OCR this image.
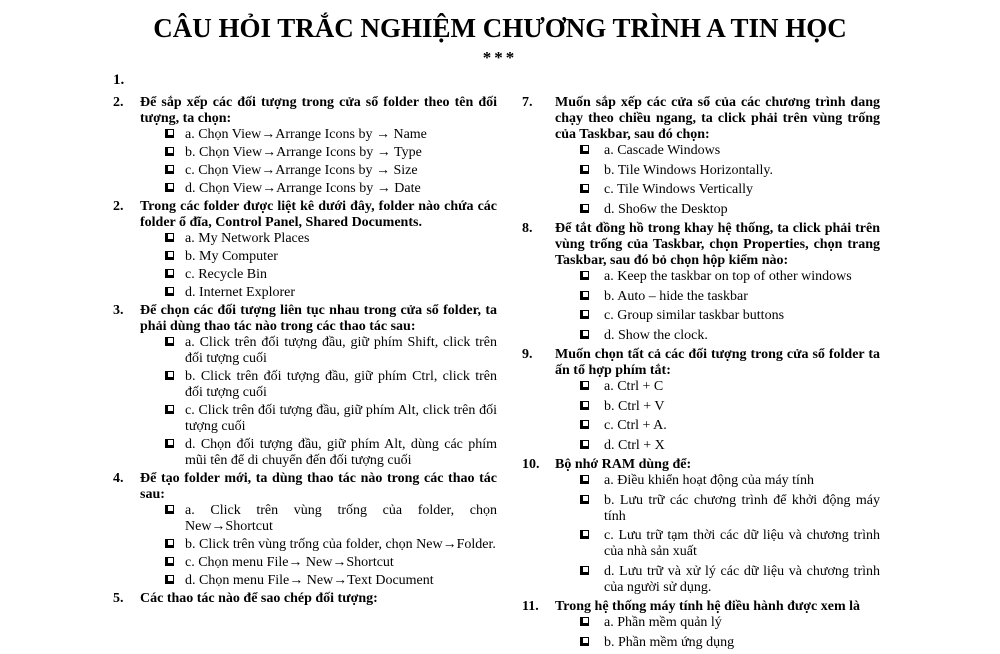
CÂU HỎI TRẮC NGHIỆM CHƯƠNG TRÌNH A TIN HỌC
***
1.
2. Để sắp xếp các đối tượng trong cửa sổ folder theo tên đối tượng, ta chọn:
a. Chọn View→Arrange Icons by → Name
b. Chọn View→Arrange Icons by → Type
c. Chọn View→Arrange Icons by → Size
d. Chọn View→Arrange Icons by → Date
2. Trong các folder được liệt kê dưới đây, folder nào chứa các folder ổ đĩa, Control Panel, Shared Documents.
a. My Network Places
b. My Computer
c. Recycle Bin
d. Internet Explorer
3. Để chọn các đối tượng liên tục nhau trong cửa sổ folder, ta phải dùng thao tác nào trong các thao tác sau:
a. Click trên đối tượng đầu, giữ phím Shift, click trên đối tượng cuối
b. Click trên đối tượng đầu, giữ phím Ctrl, click trên đối tượng cuối
c. Click trên đối tượng đầu, giữ phím Alt, click trên đối tượng cuối
d. Chọn đối tượng đầu, giữ phím Alt, dùng các phím mũi tên để di chuyển đến đối tượng cuối
4. Để tạo folder mới, ta dùng thao tác nào trong các thao tác sau:
a. Click trên vùng trống của folder, chọn New→Shortcut
b. Click trên vùng trống của folder, chọn New→Folder.
c. Chọn menu File→ New→Shortcut
d. Chọn menu File→ New→Text Document
5. Các thao tác nào để sao chép đối tượng:
7. Muốn sắp xếp các cửa sổ của các chương trình dang chạy theo chiều ngang, ta click phải trên vùng trống của Taskbar, sau đó chọn:
a. Cascade Windows
b. Tile Windows Horizontally.
c. Tile Windows Vertically
d. Sho6w the Desktop
8. Để tắt đồng hồ trong khay hệ thống, ta click phải trên vùng trống của Taskbar, chọn Properties, chọn trang Taskbar, sau đó bỏ chọn hộp kiểm nào:
a. Keep the taskbar on top of other windows
b. Auto – hide the taskbar
c. Group similar taskbar buttons
d. Show the clock.
9. Muốn chọn tất cả các đối tượng trong cửa sổ folder ta ấn tổ hợp phím tắt:
a. Ctrl + C
b. Ctrl + V
c. Ctrl + A.
d. Ctrl + X
10. Bộ nhớ RAM dùng để:
a. Điều khiển hoạt động của máy tính
b. Lưu trữ các chương trình để khởi động máy tính
c. Lưu trữ tạm thời các dữ liệu và chương trình của nhà sản xuất
d. Lưu trữ và xử lý các dữ liệu và chương trình của người sử dụng.
11. Trong hệ thống máy tính hệ điều hành được xem là
a. Phần mềm quản lý
b. Phần mềm ứng dụng
